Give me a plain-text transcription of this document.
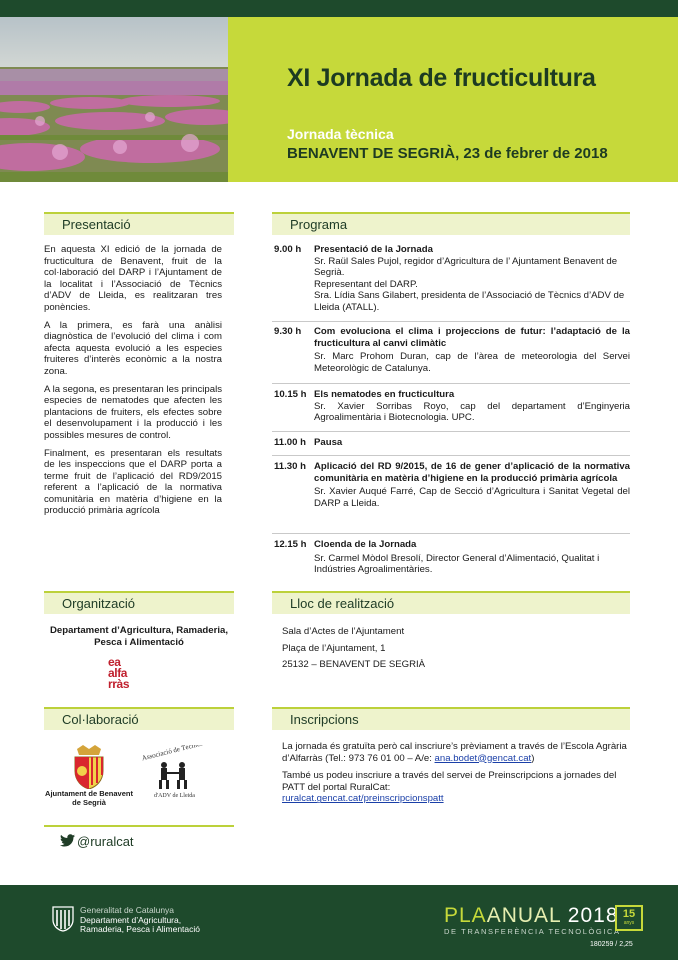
XI Jornada de fructicultura
Jornada tècnica
BENAVENT DE SEGRIÀ, 23 de febrer de 2018
Presentació

En aquesta XI edició de la jornada de fructicultura de Benavent, fruit de la col·laboració del DARP i l’Ajuntament de la localitat i l’Associació de Tècnics d’ADV de Lleida, es realitzaran tres ponències.

A la primera, es farà una anàlisi diagnòstica de l’evolució del clima i com afecta aquesta evolució a les especies fruiteres d’interès econòmic a la nostra zona.

A la segona, es presentaran les principals especies de nematodes que afecten les plantacions de fruiters, els efectes sobre el desenvolupament i la producció i les possibles mesures de control.

Finalment, es presentaran els resultats de les inspeccions que el DARP porta a terme fruit de l’aplicació del RD9/2015 referent a l’aplicació de la normativa comunitària en matèria d’higiene en la producció primària agrícola

Programa
9.00 h Presentació de la Jornada
Sr. Raül Sales Pujol, regidor d’Agricultura de l’ Ajuntament Benavent de Segrià.
Representant del DARP.
Sra. Lídia Sans Gilabert, presidenta de l’Associació de Tècnics d’ADV de Lleida (ATALL).
9.30 h Com evoluciona el clima i projeccions de futur: l’adaptació de la fructicultura al canvi climàtic
Sr. Marc Prohom Duran, cap de l’àrea de meteorologia del Servei Meteorològic de Catalunya.
10.15 h Els nematodes en fructicultura
Sr. Xavier Sorribas Royo, cap del departament d’Enginyeria Agroalimentària i Biotecnologia. UPC.
11.00 h Pausa
11.30 h Aplicació del RD 9/2015, de 16 de gener d’aplicació de la normativa comunitària en matèria d’higiene en la producció primària agrícola
Sr. Xavier Auqué Farré, Cap de Secció d’Agricultura i Sanitat Vegetal del DARP a Lleida.
12.15 h Cloenda de la Jornada
Sr. Carmel Mòdol Bresolí, Director General d’Alimentació, Qualitat i Indústries Agroalimentàries.
Organització
Departament d’Agricultura, Ramaderia, Pesca i Alimentació
ea
alfa
rràs
Lloc de realització
Sala d’Actes de l’Ajuntament
Plaça de l’Ajuntament, 1
25132 – BENAVENT DE SEGRIÀ
Col·laboració
Ajuntament de Benavent de Segrià
Associació de Tècnics
d'ADV de Lleida
@ruralcat
Inscripcions

La jornada és gratuïta però cal inscriure’s prèviament a través de l’Escola Agrària d’Alfarràs (Tel.: 973 76 01 00 – A/e: ana.bodet@gencat.cat)

També us podeu inscriure a través del servei de Preinscripcions a jornades del PATT del portal RuralCat:
ruralcat.gencat.cat/preinscripcionspatt

Generalitat de Catalunya
Departament d’Agricultura,
Ramaderia, Pesca i Alimentació
PLAANUAL 2018
DE TRANSFERÈNCIA TECNOLÒGICA
15
anys
180259 / 2,25
